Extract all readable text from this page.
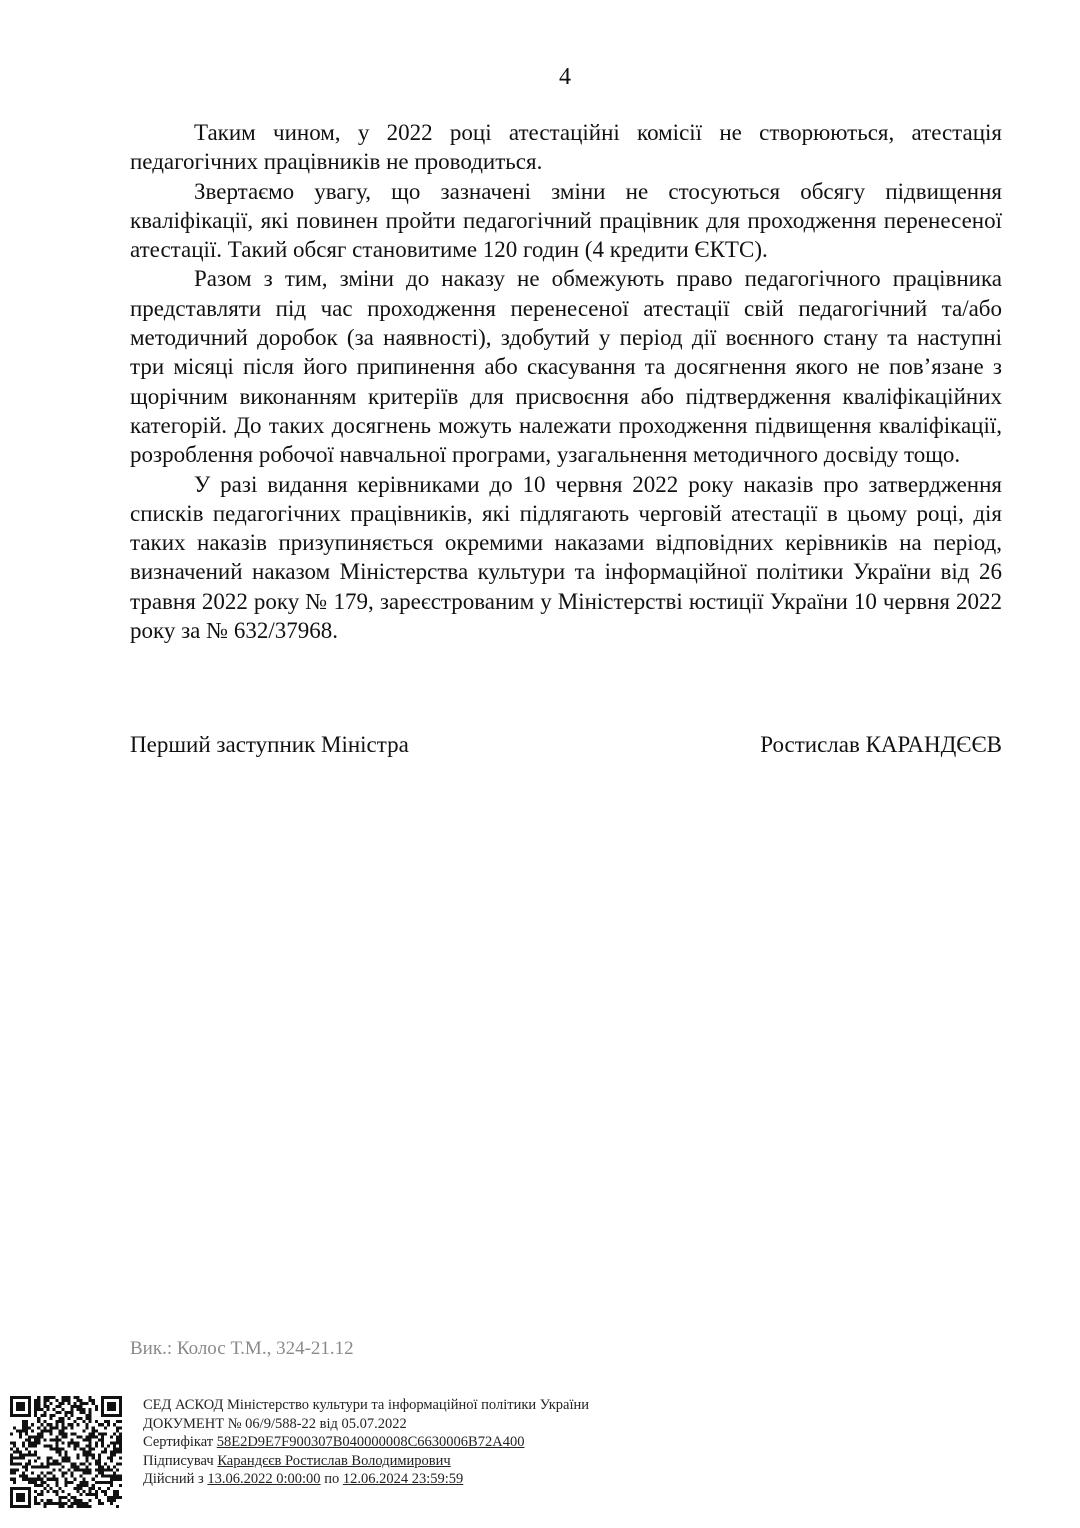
4

Таким чином, у 2022 році атестаційні комісії не створюються, атестація педагогічних працівників не проводиться.

Звертаємо увагу, що зазначені зміни не стосуються обсягу підвищення кваліфікації, які повинен пройти педагогічний працівник для проходження перенесеної атестації. Такий обсяг становитиме 120 годин (4 кредити ЄКТС).

Разом з тим, зміни до наказу не обмежують право педагогічного працівника представляти під час проходження перенесеної атестації свій педагогічний та/або методичний доробок (за наявності), здобутий у період дії воєнного стану та наступні три місяці після його припинення або скасування та досягнення якого не пов’язане з щорічним виконанням критеріїв для присвоєння або підтвердження кваліфікаційних категорій. До таких досягнень можуть належати проходження підвищення кваліфікації, розроблення робочої навчальної програми, узагальнення методичного досвіду тощо.

У разі видання керівниками до 10 червня 2022 року наказів про затвердження списків педагогічних працівників, які підлягають черговій атестації в цьому році, дія таких наказів призупиняється окремими наказами відповідних керівників на період, визначений наказом Міністерства культури та інформаційної політики України від 26 травня 2022 року № 179, зареєстрованим у Міністерстві юстиції України 10 червня 2022 року за № 632/37968.

Перший заступник Міністра	Ростислав КАРАНДЄЄВ
Вик.: Колос Т.М., 324-21.12
СЕД АСКОД Міністерство культури та інформаційної політики України
ДОКУМЕНТ № 06/9/588-22 від 05.07.2022
Сертифікат 58E2D9E7F900307B040000008C6630006B72A400
Підписувач Карандєєв Ростислав Володимирович
Дійсний з 13.06.2022 0:00:00 по 12.06.2024 23:59:59
